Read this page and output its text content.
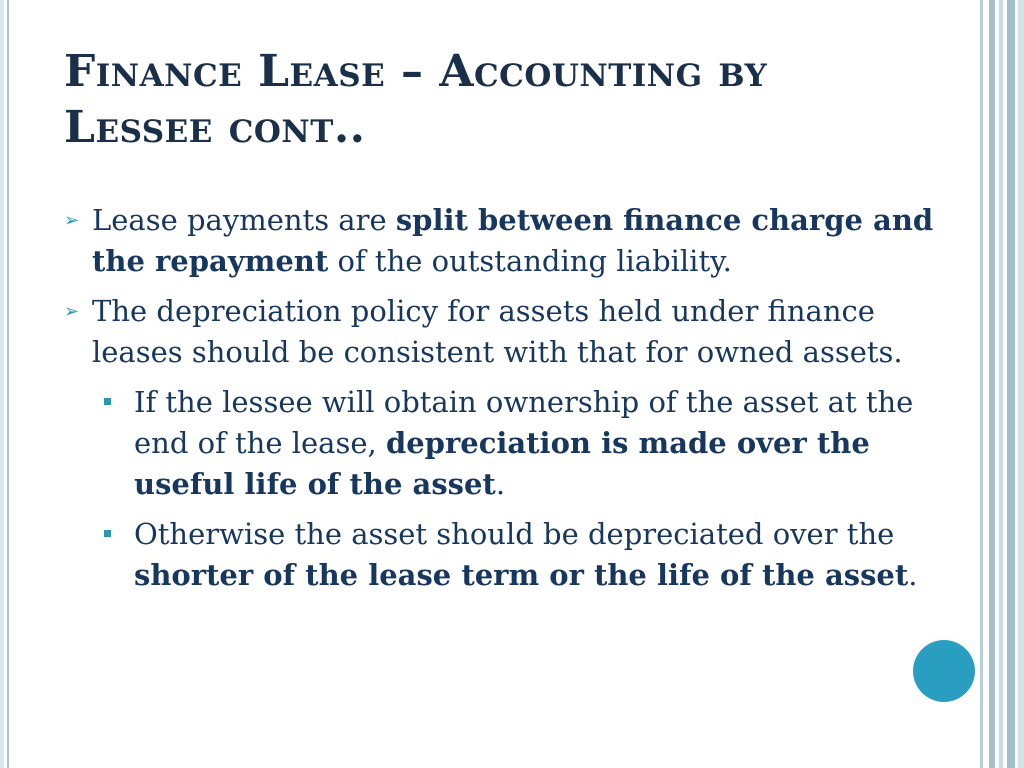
Finance Lease – Accounting by
Lessee cont..
➢ Lease payments are split between finance charge and the repayment of the outstanding liability.
➢ The depreciation policy for assets held under finance leases should be consistent with that for owned assets.
If the lessee will obtain ownership of the asset at the end of the lease, depreciation is made over the useful life of the asset.
Otherwise the asset should be depreciated over the shorter of the lease term or the life of the asset.
